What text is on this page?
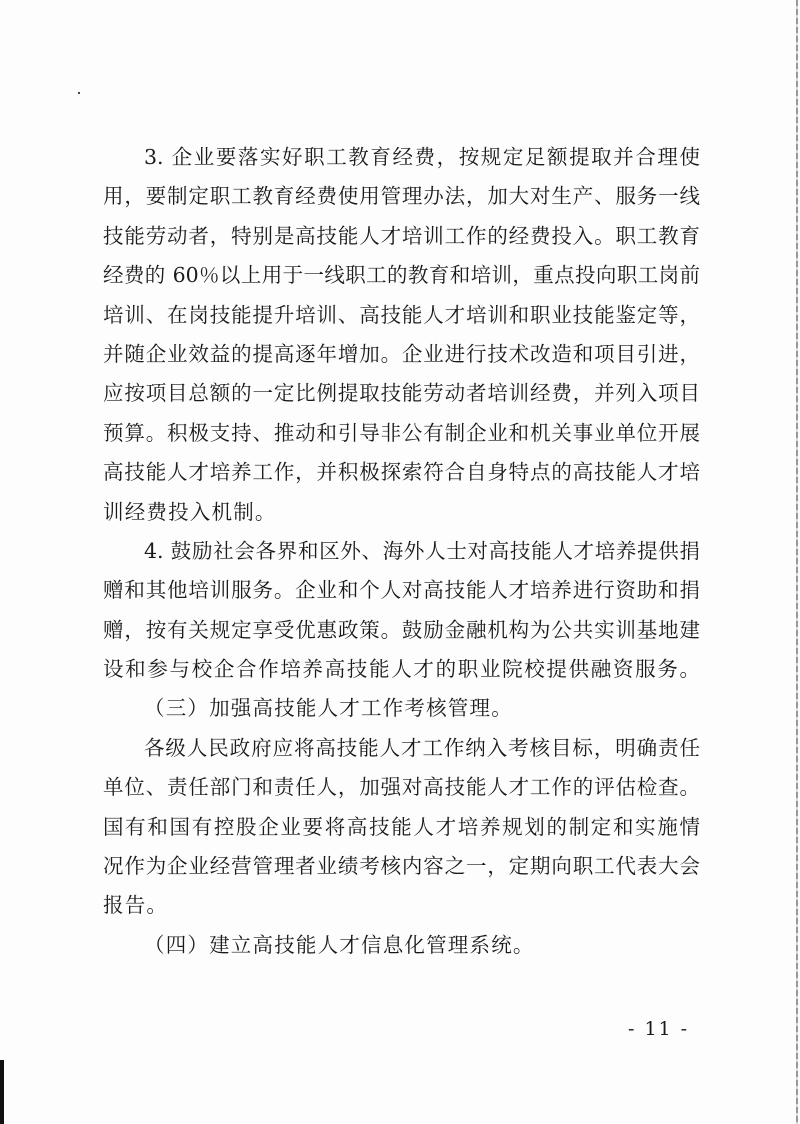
3. 企业要落实好职工教育经费，按规定足额提取并合理使
用，要制定职工教育经费使用管理办法，加大对生产、服务一线
技能劳动者，特别是高技能人才培训工作的经费投入。职工教育
经费的 60％以上用于一线职工的教育和培训，重点投向职工岗前
培训、在岗技能提升培训、高技能人才培训和职业技能鉴定等，
并随企业效益的提高逐年增加。企业进行技术改造和项目引进，
应按项目总额的一定比例提取技能劳动者培训经费，并列入项目
预算。积极支持、推动和引导非公有制企业和机关事业单位开展
高技能人才培养工作，并积极探索符合自身特点的高技能人才培
训经费投入机制。
4. 鼓励社会各界和区外、海外人士对高技能人才培养提供捐
赠和其他培训服务。企业和个人对高技能人才培养进行资助和捐
赠，按有关规定享受优惠政策。鼓励金融机构为公共实训基地建
设和参与校企合作培养高技能人才的职业院校提供融资服务。
（三）加强高技能人才工作考核管理。
各级人民政府应将高技能人才工作纳入考核目标，明确责任
单位、责任部门和责任人，加强对高技能人才工作的评估检查。
国有和国有控股企业要将高技能人才培养规划的制定和实施情
况作为企业经营管理者业绩考核内容之一，定期向职工代表大会
报告。
（四）建立高技能人才信息化管理系统。
- 11 -
